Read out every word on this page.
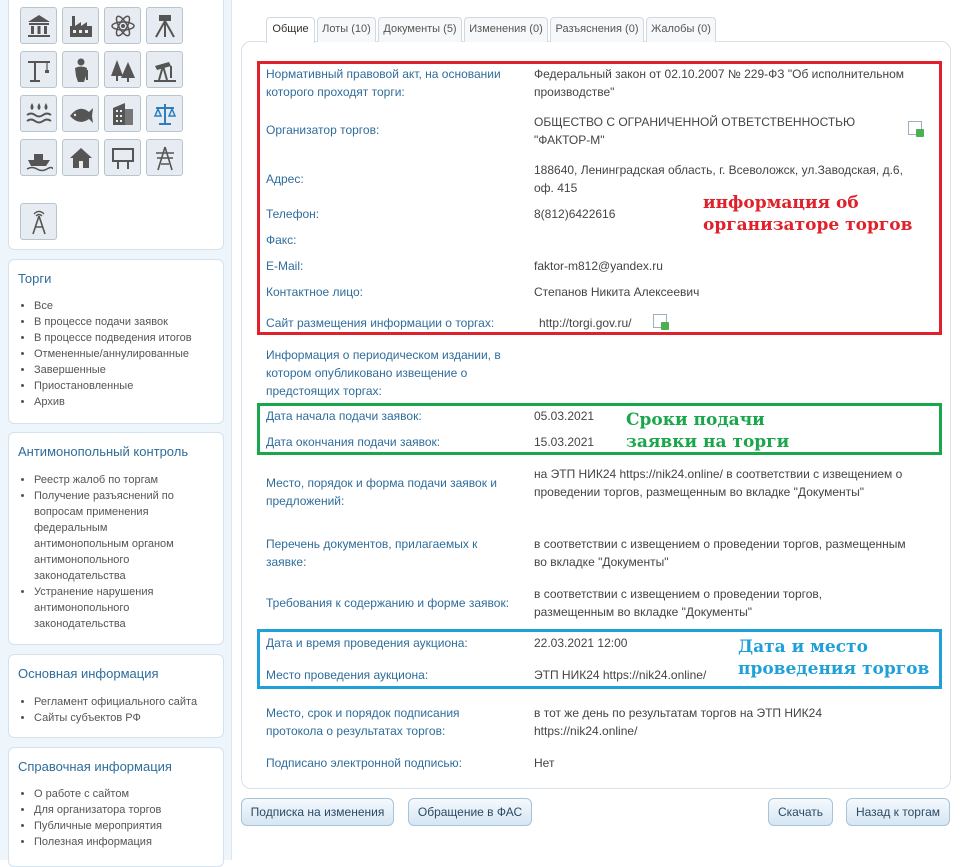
Торги
• Все
• В процессе подачи заявок
• В процессе подведения итогов
• Отмененные/аннулированные
• Завершенные
• Приостановленные
• Архив
Антимонопольный контроль
• Реестр жалоб по торгам
• Получение разъяснений по вопросам применения федеральным антимонопольным органом антимонопольного законодательства
• Устранение нарушения антимонопольного законодательства
Основная информация
• Регламент официального сайта
• Сайты субъектов РФ
Справочная информация
• О работе с сайтом
• Для организатора торгов
• Публичные мероприятия
• Полезная информация
Общие	Лоты (10)	Документы (5)	Изменения (0)	Разъяснения (0)	Жалобы (0)
Нормативный правовой акт, на основании которого проходят торги:
Федеральный закон от 02.10.2007 № 229-ФЗ "Об исполнительном производстве"
Организатор торгов:
ОБЩЕСТВО С ОГРАНИЧЕННОЙ ОТВЕТСТВЕННОСТЬЮ "ФАКТОР-М"
Адрес:
188640, Ленинградская область, г. Всеволожск, ул.Заводская, д.6, оф. 415
Телефон:	8(812)6422616
Факс:
E-Mail:	faktor-m812@yandex.ru
Контактное лицо:	Степанов Никита Алексеевич
Сайт размещения информации о торгах:	http://torgi.gov.ru/
Информация о периодическом издании, в котором опубликовано извещение о предстоящих торгах:
Дата начала подачи заявок:	05.03.2021
Дата окончания подачи заявок:	15.03.2021
Место, порядок и форма подачи заявок и предложений:
на ЭТП НИК24 https://nik24.online/ в соответствии с извещением о проведении торгов, размещенным во вкладке "Документы"
Перечень документов, прилагаемых к заявке:
в соответствии с извещением о проведении торгов, размещенным во вкладке "Документы"
Требования к содержанию и форме заявок:
в соответствии с извещением о проведении торгов, размещенным во вкладке "Документы"
Дата и время проведения аукциона:	22.03.2021 12:00
Место проведения аукциона:	ЭТП НИК24 https://nik24.online/
Место, срок и порядок подписания протокола о результатах торгов:
в тот же день по результатам торгов на ЭТП НИК24 https://nik24.online/
Подписано электронной подписью:	Нет
информация об организаторе торгов
Сроки подачи заявки на торги
Дата и место проведения торгов
Подписка на изменения	Обращение в ФАС	Скачать	Назад к торгам
